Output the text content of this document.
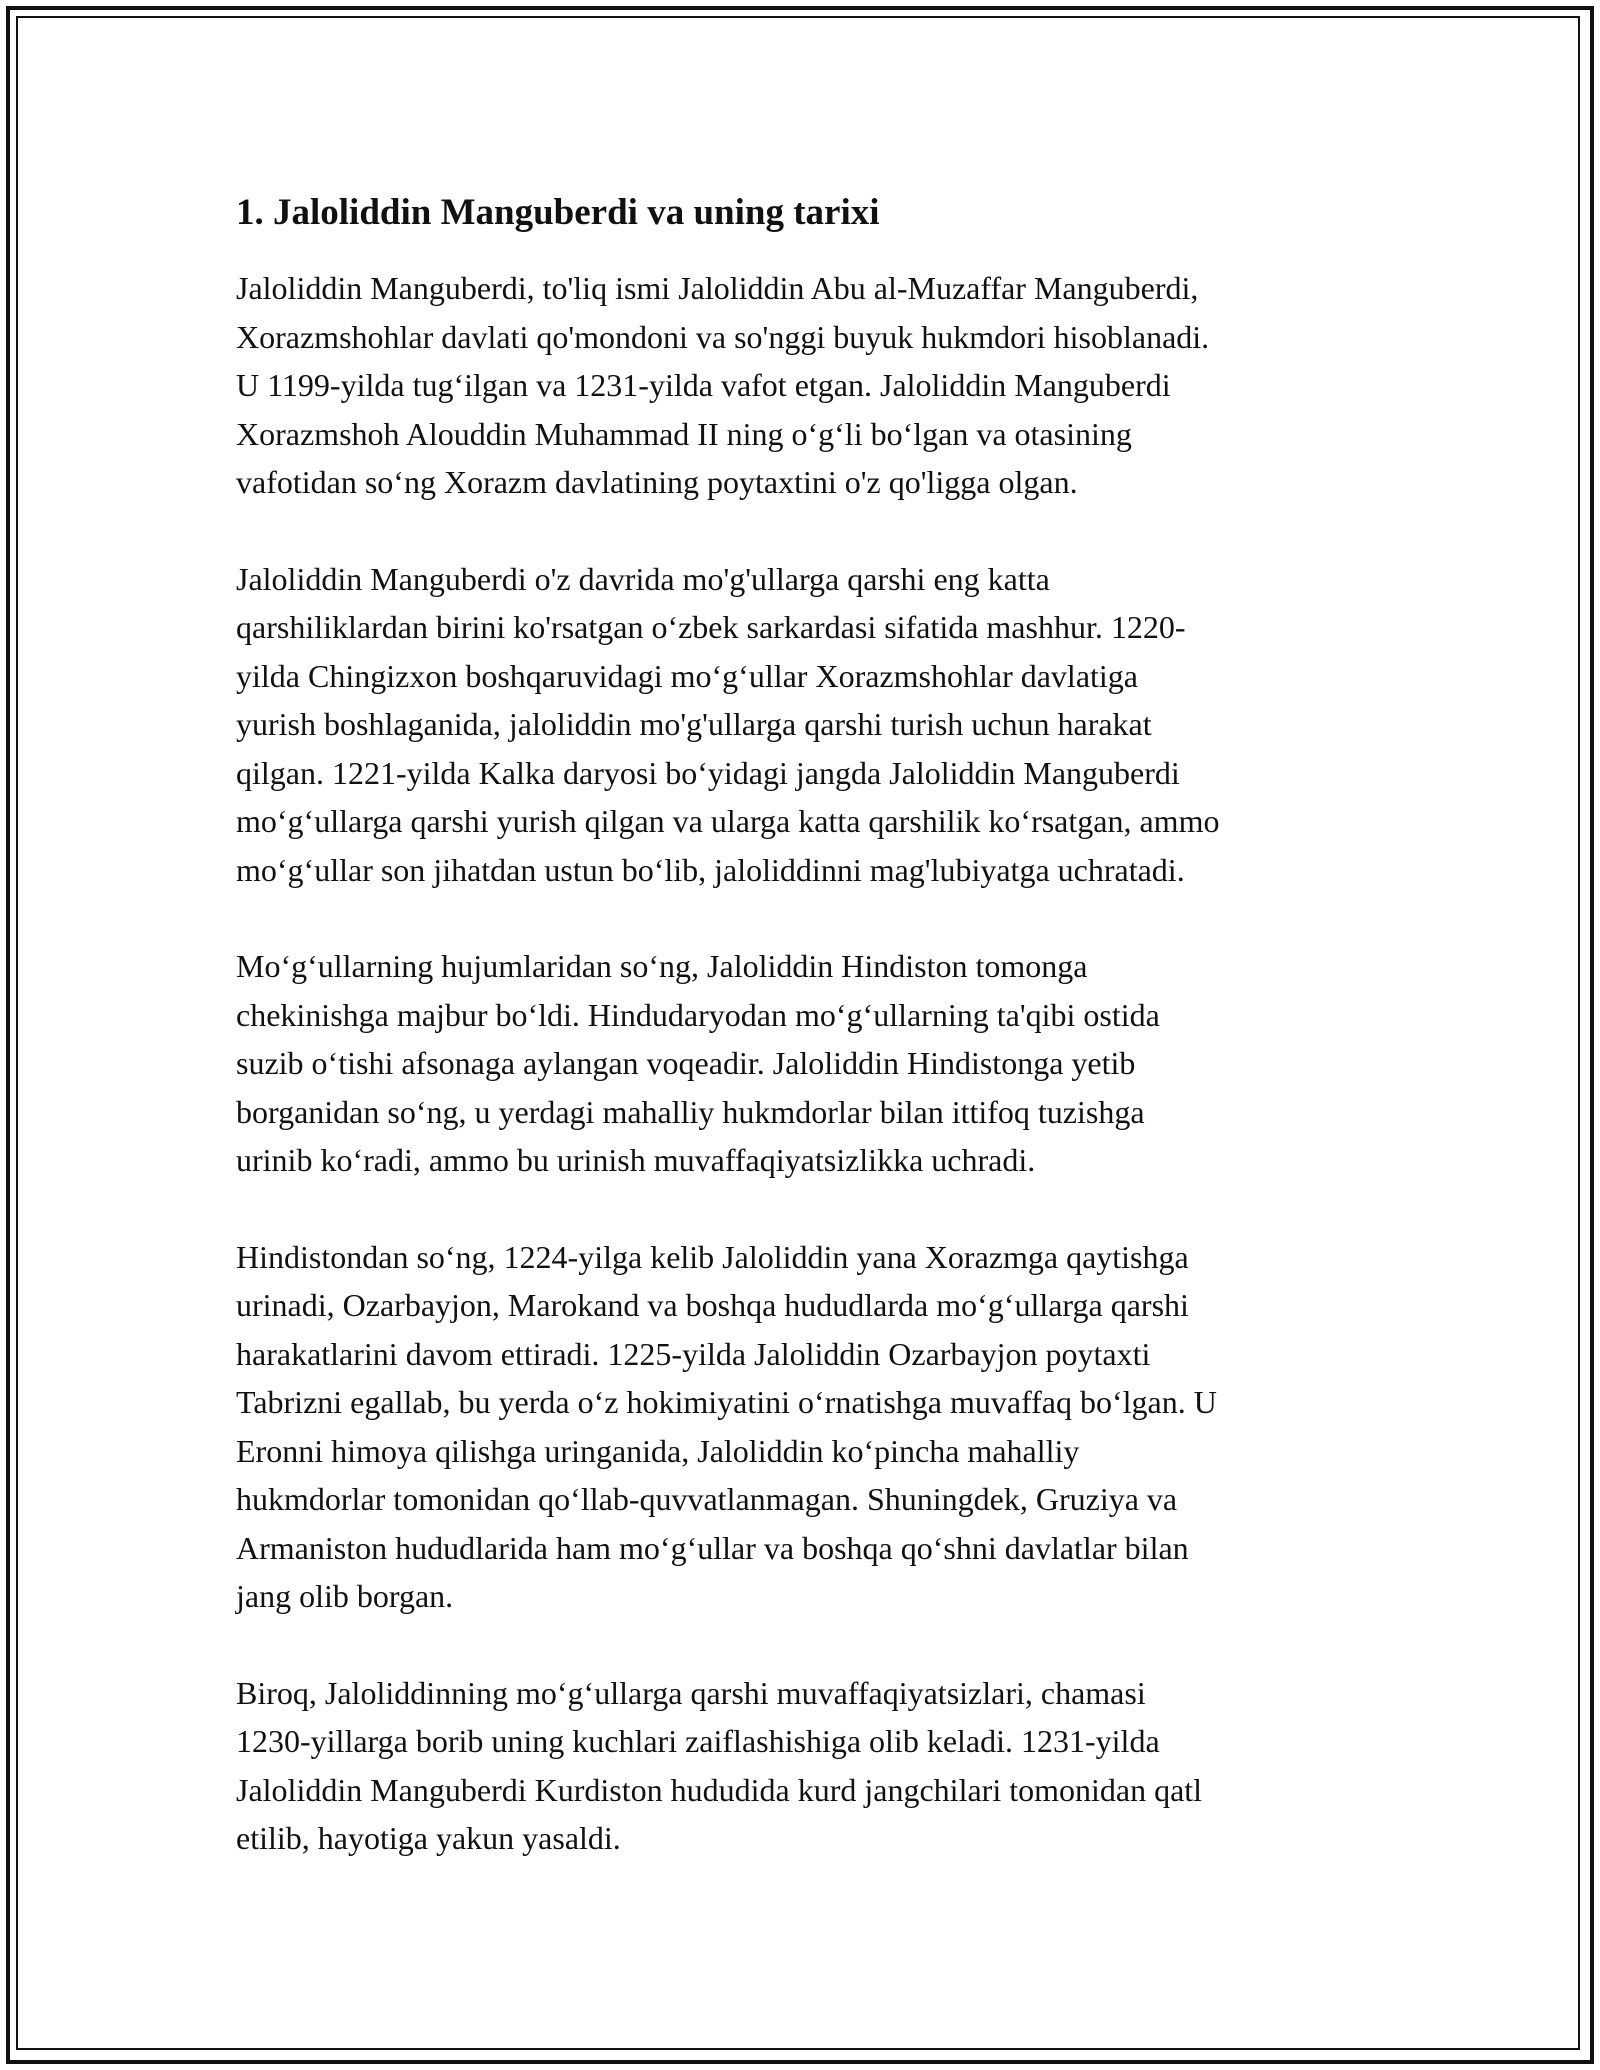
1. Jaloliddin Manguberdi va uning tarixi

Jaloliddin Manguberdi, to'liq ismi Jaloliddin Abu al-Muzaffar Manguberdi,
Xorazmshohlar davlati qo'mondoni va so'nggi buyuk hukmdori hisoblanadi.
U 1199-yilda tug‘ilgan va 1231-yilda vafot etgan. Jaloliddin Manguberdi
Xorazmshoh Alouddin Muhammad II ning o‘g‘li bo‘lgan va otasining
vafotidan so‘ng Xorazm davlatining poytaxtini o'z qo'ligga olgan.

Jaloliddin Manguberdi o'z davrida mo'g'ullarga qarshi eng katta
qarshiliklardan birini ko'rsatgan o‘zbek sarkardasi sifatida mashhur. 1220-
yilda Chingizxon boshqaruvidagi mo‘g‘ullar Xorazmshohlar davlatiga
yurish boshlaganida, jaloliddin mo'g'ullarga qarshi turish uchun harakat
qilgan. 1221-yilda Kalka daryosi bo‘yidagi jangda Jaloliddin Manguberdi
mo‘g‘ullarga qarshi yurish qilgan va ularga katta qarshilik ko‘rsatgan, ammo
mo‘g‘ullar son jihatdan ustun bo‘lib, jaloliddinni mag'lubiyatga uchratadi.

Mo‘g‘ullarning hujumlaridan so‘ng, Jaloliddin Hindiston tomonga
chekinishga majbur bo‘ldi. Hindudaryodan mo‘g‘ullarning ta'qibi ostida
suzib o‘tishi afsonaga aylangan voqeadir. Jaloliddin Hindistonga yetib
borganidan so‘ng, u yerdagi mahalliy hukmdorlar bilan ittifoq tuzishga
urinib ko‘radi, ammo bu urinish muvaffaqiyatsizlikka uchradi.

Hindistondan so‘ng, 1224-yilga kelib Jaloliddin yana Xorazmga qaytishga
urinadi, Ozarbayjon, Marokand va boshqa hududlarda mo‘g‘ullarga qarshi
harakatlarini davom ettiradi. 1225-yilda Jaloliddin Ozarbayjon poytaxti
Tabrizni egallab, bu yerda o‘z hokimiyatini o‘rnatishga muvaffaq bo‘lgan. U
Eronni himoya qilishga uringanida, Jaloliddin ko‘pincha mahalliy
hukmdorlar tomonidan qo‘llab-quvvatlanmagan. Shuningdek, Gruziya va
Armaniston hududlarida ham mo‘g‘ullar va boshqa qo‘shni davlatlar bilan
jang olib borgan.

Biroq, Jaloliddinning mo‘g‘ullarga qarshi muvaffaqiyatsizlari, chamasi
1230-yillarga borib uning kuchlari zaiflashishiga olib keladi. 1231-yilda
Jaloliddin Manguberdi Kurdiston hududida kurd jangchilari tomonidan qatl
etilib, hayotiga yakun yasaldi.
